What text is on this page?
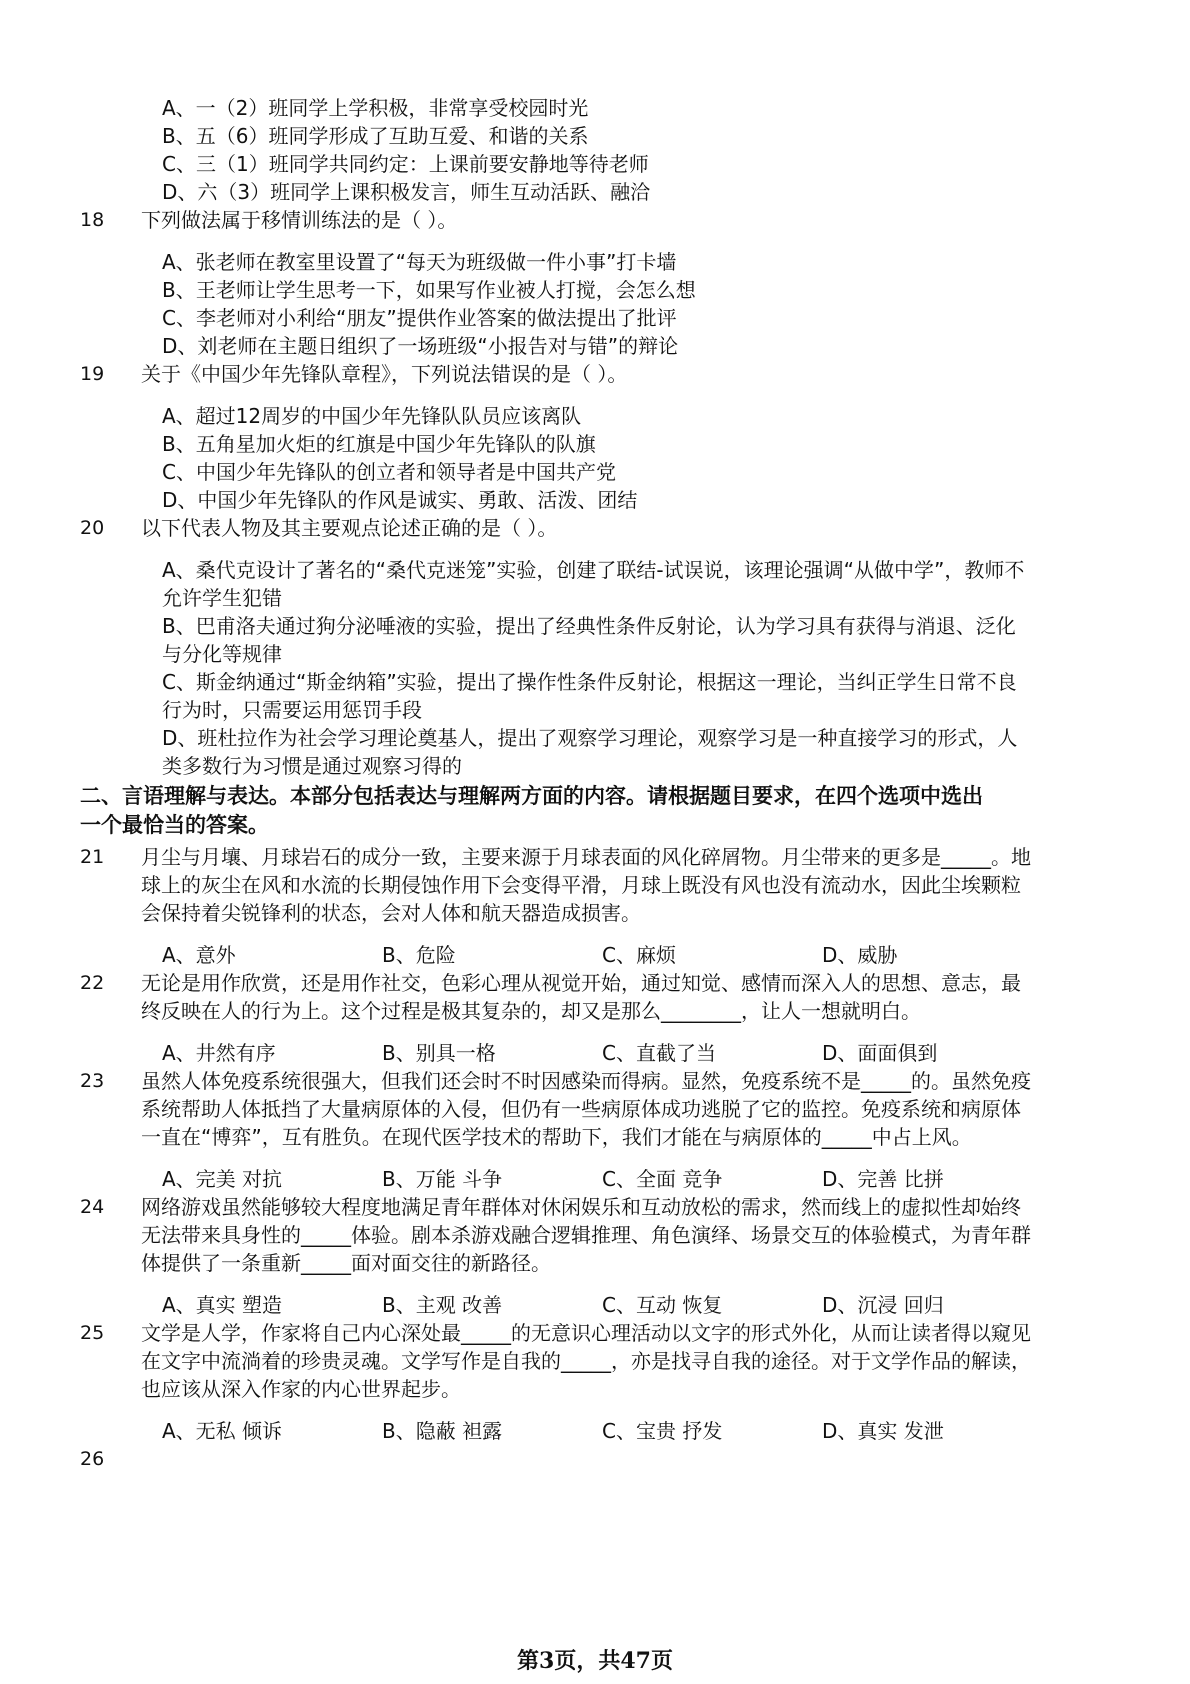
A、一（2）班同学上学积极，非常享受校园时光
B、五（6）班同学形成了互助互爱、和谐的关系
C、三（1）班同学共同约定：上课前要安静地等待老师
D、六（3）班同学上课积极发言，师生互动活跃、融洽
18 下列做法属于移情训练法的是（ ）。
A、张老师在教室里设置了“每天为班级做一件小事”打卡墙
B、王老师让学生思考一下，如果写作业被人打搅，会怎么想
C、李老师对小利给“朋友”提供作业答案的做法提出了批评
D、刘老师在主题日组织了一场班级“小报告对与错”的辩论
19 关于《中国少年先锋队章程》，下列说法错误的是（ ）。
A、超过12周岁的中国少年先锋队队员应该离队
B、五角星加火炬的红旗是中国少年先锋队的队旗
C、中国少年先锋队的创立者和领导者是中国共产党
D、中国少年先锋队的作风是诚实、勇敢、活泼、团结
20 以下代表人物及其主要观点论述正确的是（ ）。
A、桑代克设计了著名的“桑代克迷笼”实验，创建了联结-试误说，该理论强调“从做中学”，教师不
允许学生犯错
B、巴甫洛夫通过狗分泌唾液的实验，提出了经典性条件反射论，认为学习具有获得与消退、泛化
与分化等规律
C、斯金纳通过“斯金纳箱”实验，提出了操作性条件反射论，根据这一理论，当纠正学生日常不良
行为时，只需要运用惩罚手段
D、班杜拉作为社会学习理论奠基人，提出了观察学习理论，观察学习是一种直接学习的形式，人
类多数行为习惯是通过观察习得的
二、言语理解与表达。本部分包括表达与理解两方面的内容。请根据题目要求，在四个选项中选出
一个最恰当的答案。
21 月尘与月壤、月球岩石的成分一致，主要来源于月球表面的风化碎屑物。月尘带来的更多是_____。地
球上的灰尘在风和水流的长期侵蚀作用下会变得平滑，月球上既没有风也没有流动水，因此尘埃颗粒
会保持着尖锐锋利的状态，会对人体和航天器造成损害。
A、意外	B、危险	C、麻烦	D、威胁
22 无论是用作欣赏，还是用作社交，色彩心理从视觉开始，通过知觉、感情而深入人的思想、意志，最
终反映在人的行为上。这个过程是极其复杂的，却又是那么________，让人一想就明白。
A、井然有序	B、别具一格	C、直截了当	D、面面俱到
23 虽然人体免疫系统很强大，但我们还会时不时因感染而得病。显然，免疫系统不是_____的。虽然免疫
系统帮助人体抵挡了大量病原体的入侵，但仍有一些病原体成功逃脱了它的监控。免疫系统和病原体
一直在“博弈”，互有胜负。在现代医学技术的帮助下，我们才能在与病原体的_____中占上风。
A、完美 对抗	B、万能 斗争	C、全面 竞争	D、完善 比拼
24 网络游戏虽然能够较大程度地满足青年群体对休闲娱乐和互动放松的需求，然而线上的虚拟性却始终
无法带来具身性的_____体验。剧本杀游戏融合逻辑推理、角色演绎、场景交互的体验模式，为青年群
体提供了一条重新_____面对面交往的新路径。
A、真实 塑造	B、主观 改善	C、互动 恢复	D、沉浸 回归
25 文学是人学，作家将自己内心深处最_____的无意识心理活动以文字的形式外化，从而让读者得以窥见
在文字中流淌着的珍贵灵魂。文学写作是自我的_____，亦是找寻自我的途径。对于文学作品的解读，
也应该从深入作家的内心世界起步。
A、无私 倾诉	B、隐蔽 袒露	C、宝贵 抒发	D、真实 发泄
26
第3页，共47页
